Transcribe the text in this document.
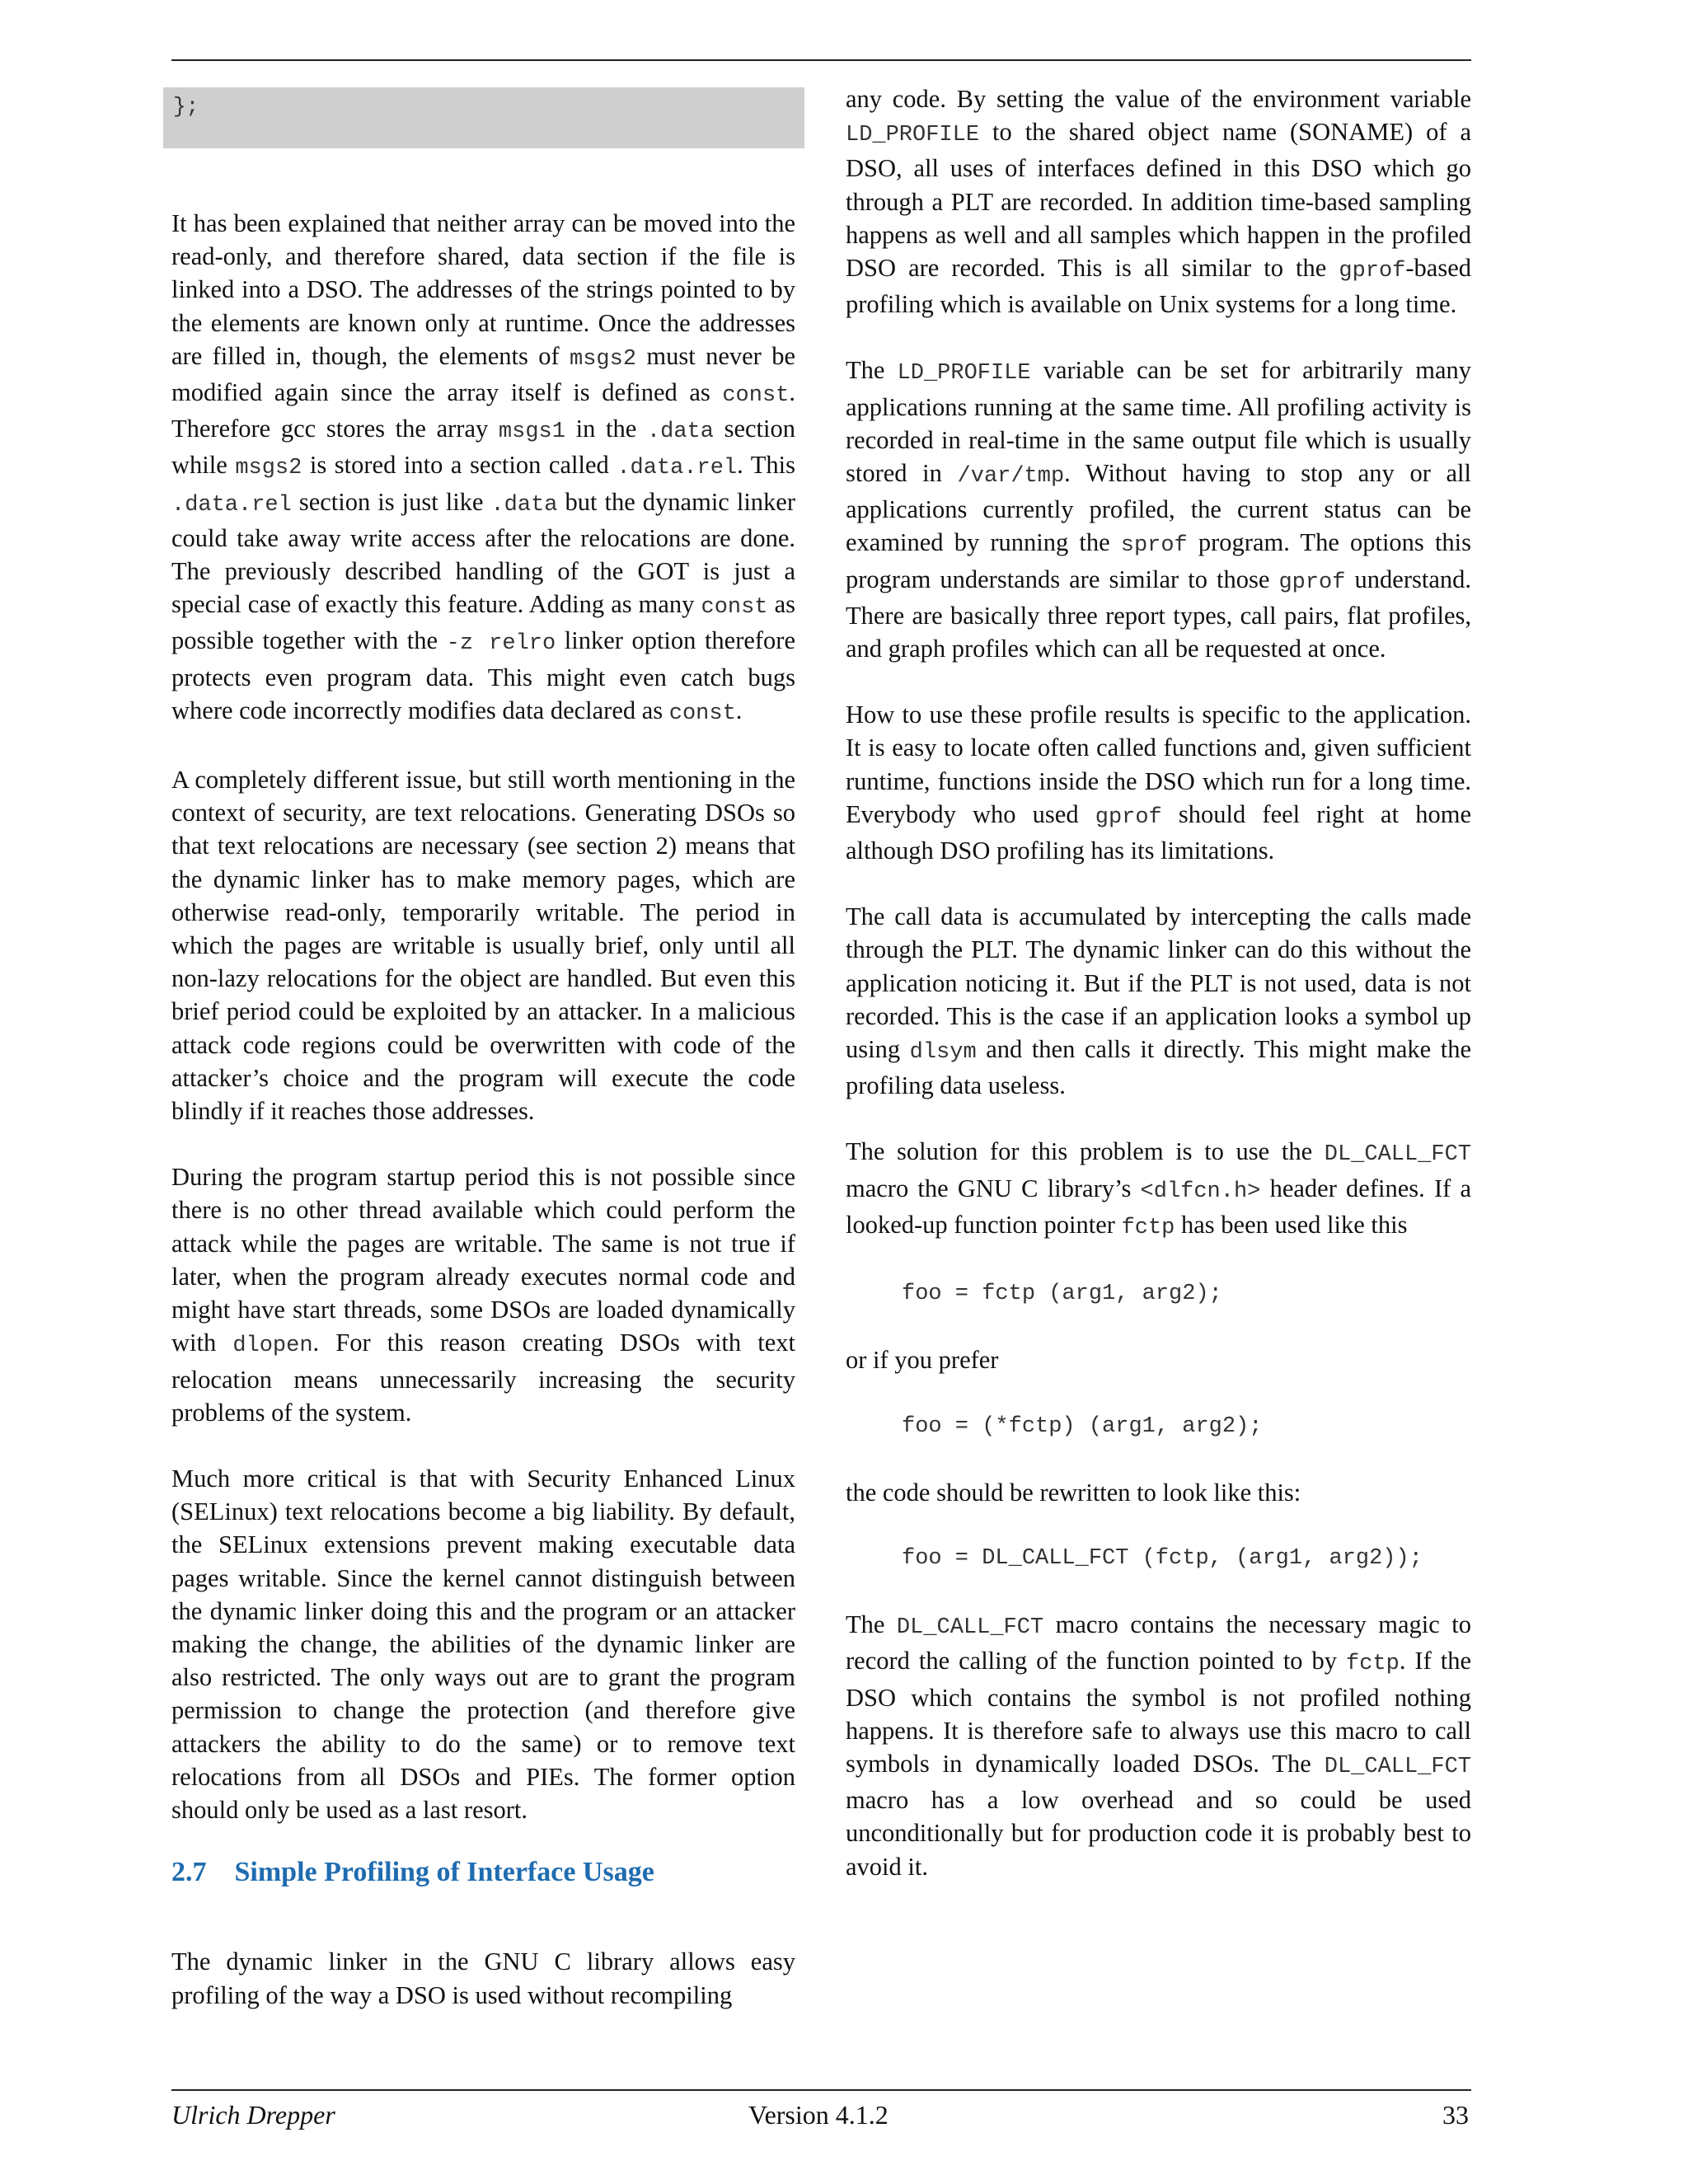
};

It has been explained that neither array can be moved into the read-only, and therefore shared, data section if the file is linked into a DSO. The addresses of the strings pointed to by the elements are known only at runtime. Once the addresses are filled in, though, the elements of msgs2 must never be modified again since the array itself is defined as const. Therefore gcc stores the array msgs1 in the .data section while msgs2 is stored into a section called .data.rel. This .data.rel section is just like .data but the dynamic linker could take away write access after the relocations are done. The previously described handling of the GOT is just a special case of exactly this feature. Adding as many const as possible together with the -z relro linker option therefore protects even program data. This might even catch bugs where code incorrectly modifies data declared as const.

A completely different issue, but still worth mentioning in the context of security, are text relocations. Generating DSOs so that text relocations are necessary (see section 2) means that the dynamic linker has to make memory pages, which are otherwise read-only, temporarily writable. The period in which the pages are writable is usually brief, only until all non-lazy relocations for the object are handled. But even this brief period could be exploited by an attacker. In a malicious attack code regions could be overwritten with code of the attacker’s choice and the program will execute the code blindly if it reaches those addresses.

During the program startup period this is not possible since there is no other thread available which could perform the attack while the pages are writable. The same is not true if later, when the program already executes normal code and might have start threads, some DSOs are loaded dynamically with dlopen. For this reason creating DSOs with text relocation means unnecessarily increasing the security problems of the system.

Much more critical is that with Security Enhanced Linux (SELinux) text relocations become a big liability. By default, the SELinux extensions prevent making executable data pages writable. Since the kernel cannot distinguish between the dynamic linker doing this and the program or an attacker making the change, the abilities of the dynamic linker are also restricted. The only ways out are to grant the program permission to change the protection (and therefore give attackers the ability to do the same) or to remove text relocations from all DSOs and PIEs. The former option should only be used as a last resort.

2.7    Simple Profiling of Interface Usage

The dynamic linker in the GNU C library allows easy profiling of the way a DSO is used without recompiling

any code. By setting the value of the environment variable LD_PROFILE to the shared object name (SONAME) of a DSO, all uses of interfaces defined in this DSO which go through a PLT are recorded. In addition time-based sampling happens as well and all samples which happen in the profiled DSO are recorded. This is all similar to the gprof-based profiling which is available on Unix systems for a long time.

The LD_PROFILE variable can be set for arbitrarily many applications running at the same time. All profiling activity is recorded in real-time in the same output file which is usually stored in /var/tmp. Without having to stop any or all applications currently profiled, the current status can be examined by running the sprof program. The options this program understands are similar to those gprof understand. There are basically three report types, call pairs, flat profiles, and graph profiles which can all be requested at once.

How to use these profile results is specific to the application. It is easy to locate often called functions and, given sufficient runtime, functions inside the DSO which run for a long time. Everybody who used gprof should feel right at home although DSO profiling has its limitations.

The call data is accumulated by intercepting the calls made through the PLT. The dynamic linker can do this without the application noticing it. But if the PLT is not used, data is not recorded. This is the case if an application looks a symbol up using dlsym and then calls it directly. This might make the profiling data useless.

The solution for this problem is to use the DL_CALL_FCT macro the GNU C library’s <dlfcn.h> header defines. If a looked-up function pointer fctp has been used like this

foo = fctp (arg1, arg2);

or if you prefer

foo = (*fctp) (arg1, arg2);

the code should be rewritten to look like this:

foo = DL_CALL_FCT (fctp, (arg1, arg2));

The DL_CALL_FCT macro contains the necessary magic to record the calling of the function pointed to by fctp. If the DSO which contains the symbol is not profiled nothing happens. It is therefore safe to always use this macro to call symbols in dynamically loaded DSOs. The DL_CALL_FCT macro has a low overhead and so could be used unconditionally but for production code it is probably best to avoid it.

Ulrich Drepper	Version 4.1.2	33
